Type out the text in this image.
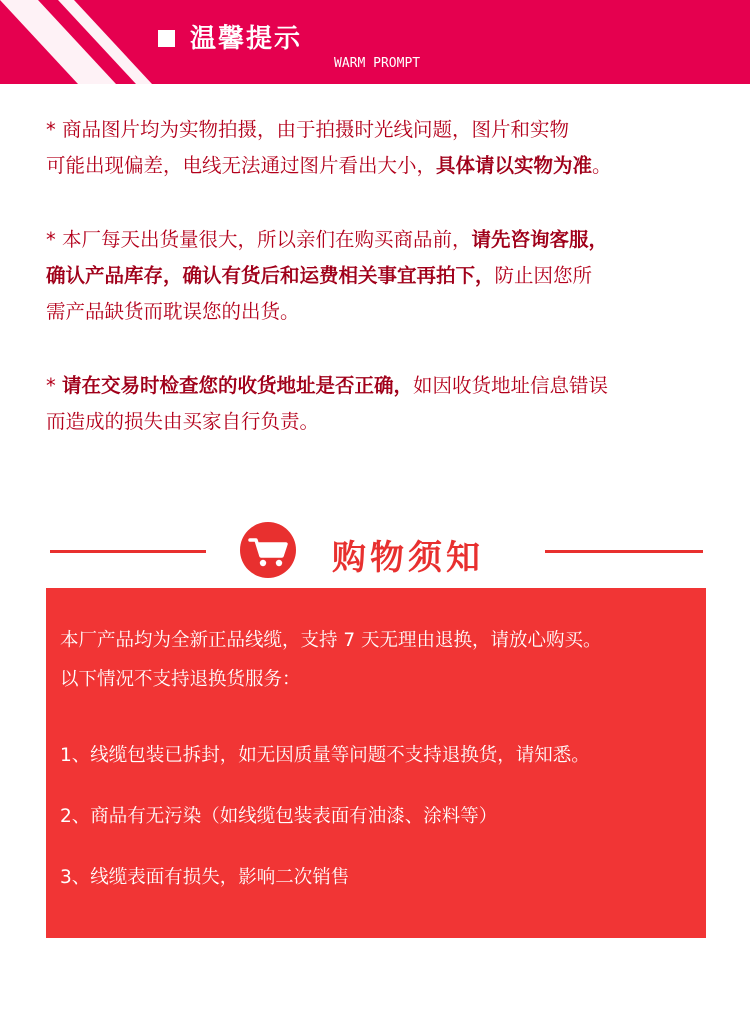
温馨提示
WARM PROMPT
* 商品图片均为实物拍摄，由于拍摄时光线问题，图片和实物
可能出现偏差，电线无法通过图片看出大小，具体请以实物为准。
* 本厂每天出货量很大，所以亲们在购买商品前，请先咨询客服，
确认产品库存，确认有货后和运费相关事宜再拍下，防止因您所
需产品缺货而耽误您的出货。
* 请在交易时检查您的收货地址是否正确，如因收货地址信息错误
而造成的损失由买家自行负责。
购物须知
本厂产品均为全新正品线缆，支持 7 天无理由退换，请放心购买。
以下情况不支持退换货服务：
1、线缆包装已拆封，如无因质量等问题不支持退换货，请知悉。
2、商品有无污染（如线缆包装表面有油漆、涂料等）
3、线缆表面有损失，影响二次销售
